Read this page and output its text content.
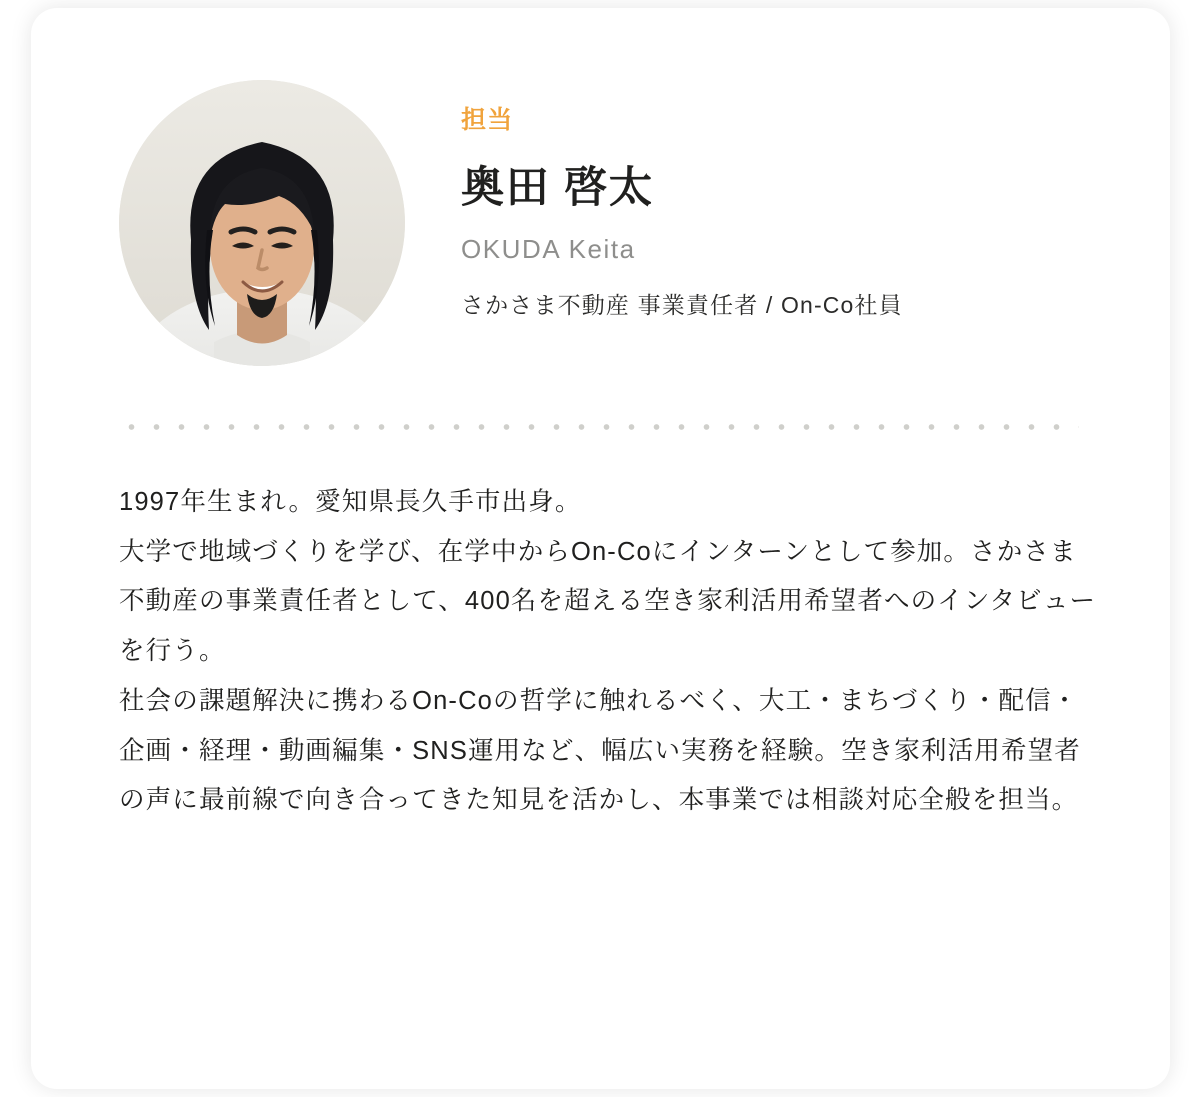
担当

奥田 啓太

OKUDA Keita

さかさま不動産 事業責任者 / On-Co社員

1997年生まれ。愛知県長久手市出身。

大学で地域づくりを学び、在学中からOn-Coにインターンとして参加。さかさま不動産の事業責任者として、400名を超える空き家利活用希望者へのインタビューを行う。

社会の課題解決に携わるOn-Coの哲学に触れるべく、大工・まちづくり・配信・企画・経理・動画編集・SNS運用など、幅広い実務を経験。空き家利活用希望者の声に最前線で向き合ってきた知見を活かし、本事業では相談対応全般を担当。
